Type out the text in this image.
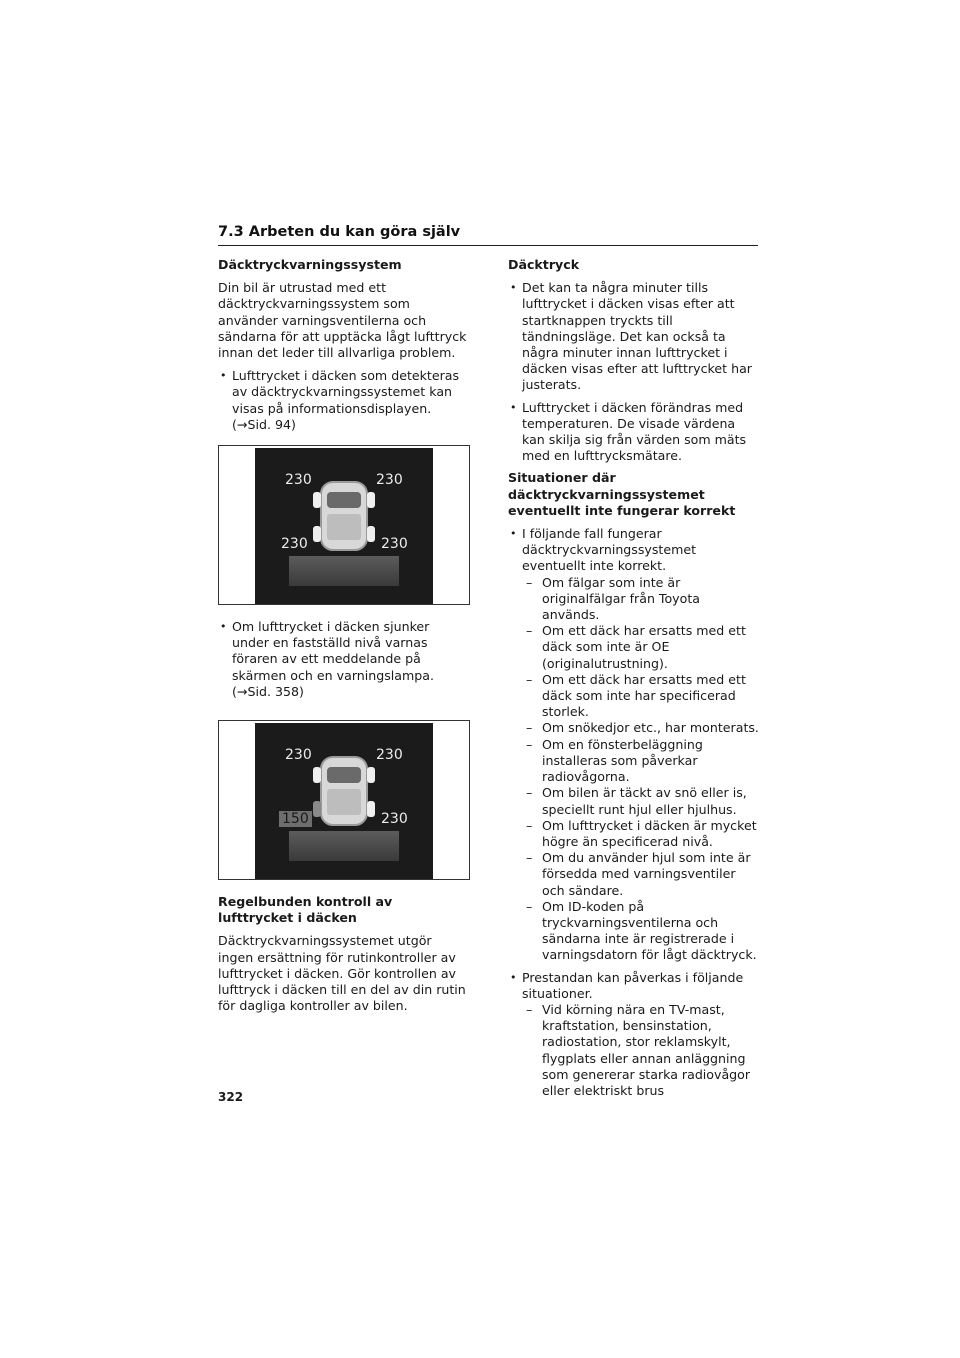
7.3 Arbeten du kan göra själv
Däcktryckvarningssystem

Din bil är utrustad med ett däcktryckvarningssystem som använder varningsventilerna och sändarna för att upptäcka lågt lufttryck innan det leder till allvarliga problem.

• Lufttrycket i däcken som detekteras av däcktryckvarningssystemet kan visas på informationsdisplayen. (→Sid. 94)
230	230
230	230
• Om lufttrycket i däcken sjunker under en fastställd nivå varnas föraren av ett meddelande på skärmen och en varningslampa. (→Sid. 358)
230	230
150	230
Regelbunden kontroll av lufttrycket i däcken

Däcktryckvarningssystemet utgör ingen ersättning för rutinkontroller av lufttrycket i däcken. Gör kontrollen av lufttryck i däcken till en del av din rutin för dagliga kontroller av bilen.

Däcktryck
• Det kan ta några minuter tills lufttrycket i däcken visas efter att startknappen tryckts till tändningsläge. Det kan också ta några minuter innan lufttrycket i däcken visas efter att lufttrycket har justerats.
• Lufttrycket i däcken förändras med temperaturen. De visade värdena kan skilja sig från värden som mäts med en lufttrycksmätare.
Situationer där däcktryckvarningssystemet eventuellt inte fungerar korrekt
• I följande fall fungerar däcktryckvarningssystemet eventuellt inte korrekt.
– Om fälgar som inte är originalfälgar från Toyota används.
– Om ett däck har ersatts med ett däck som inte är OE (originalutrustning).
– Om ett däck har ersatts med ett däck som inte har specificerad storlek.
– Om snökedjor etc., har monterats.
– Om en fönsterbeläggning installeras som påverkar radiovågorna.
– Om bilen är täckt av snö eller is, speciellt runt hjul eller hjulhus.
– Om lufttrycket i däcken är mycket högre än specificerad nivå.
– Om du använder hjul som inte är försedda med varningsventiler och sändare.
– Om ID-koden på tryckvarningsventilerna och sändarna inte är registrerade i varningsdatorn för lågt däcktryck.
• Prestandan kan påverkas i följande situationer.
– Vid körning nära en TV-mast, kraftstation, bensinstation, radiostation, stor reklamskylt, flygplats eller annan anläggning som genererar starka radiovågor eller elektriskt brus
322
